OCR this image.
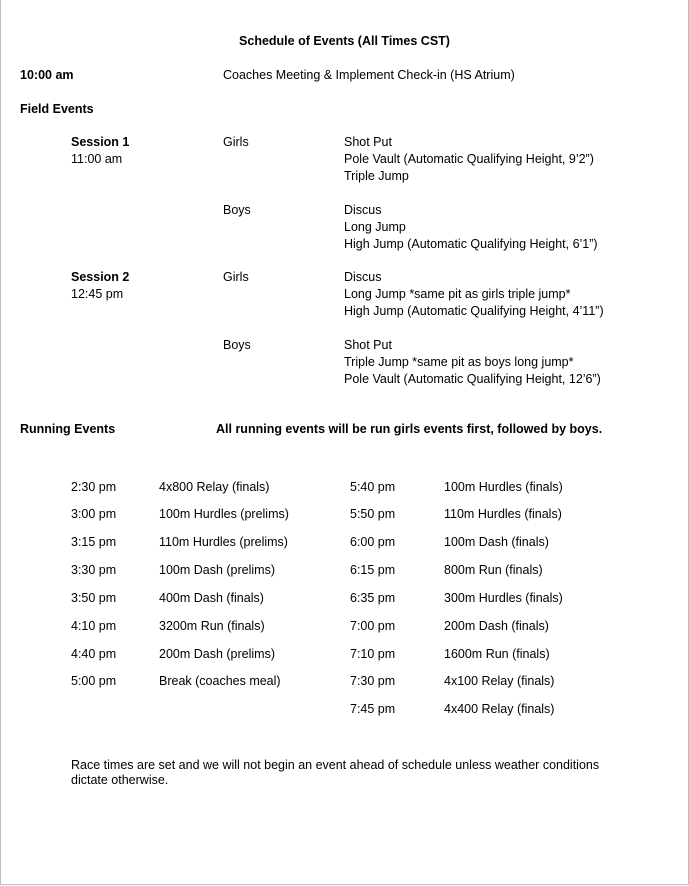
Schedule of Events (All Times CST)
10:00 am	Coaches Meeting & Implement Check-in (HS Atrium)
Field Events
Session 1
11:00 am
Girls	Shot Put
Pole Vault (Automatic Qualifying Height, 9’2”)
Triple Jump
Boys	Discus
Long Jump
High Jump (Automatic Qualifying Height, 6’1”)
Session 2
12:45 pm
Girls	Discus
Long Jump *same pit as girls triple jump*
High Jump (Automatic Qualifying Height, 4’11”)
Boys	Shot Put
Triple Jump *same pit as boys long jump*
Pole Vault (Automatic Qualifying Height, 12’6”)
Running Events	All running events will be run girls events first, followed by boys.
2:30 pm	4x800 Relay (finals)
3:00 pm	100m Hurdles (prelims)
3:15 pm	110m Hurdles (prelims)
3:30 pm	100m Dash (prelims)
3:50 pm	400m Dash (finals)
4:10 pm	3200m Run (finals)
4:40 pm	200m Dash (prelims)
5:00 pm	Break (coaches meal)
5:40 pm	100m Hurdles (finals)
5:50 pm	110m Hurdles (finals)
6:00 pm	100m Dash (finals)
6:15 pm	800m Run (finals)
6:35 pm	300m Hurdles (finals)
7:00 pm	200m Dash (finals)
7:10 pm	1600m Run (finals)
7:30 pm	4x100 Relay (finals)
7:45 pm	4x400 Relay (finals)
Race times are set and we will not begin an event ahead of schedule unless weather conditions dictate otherwise.
